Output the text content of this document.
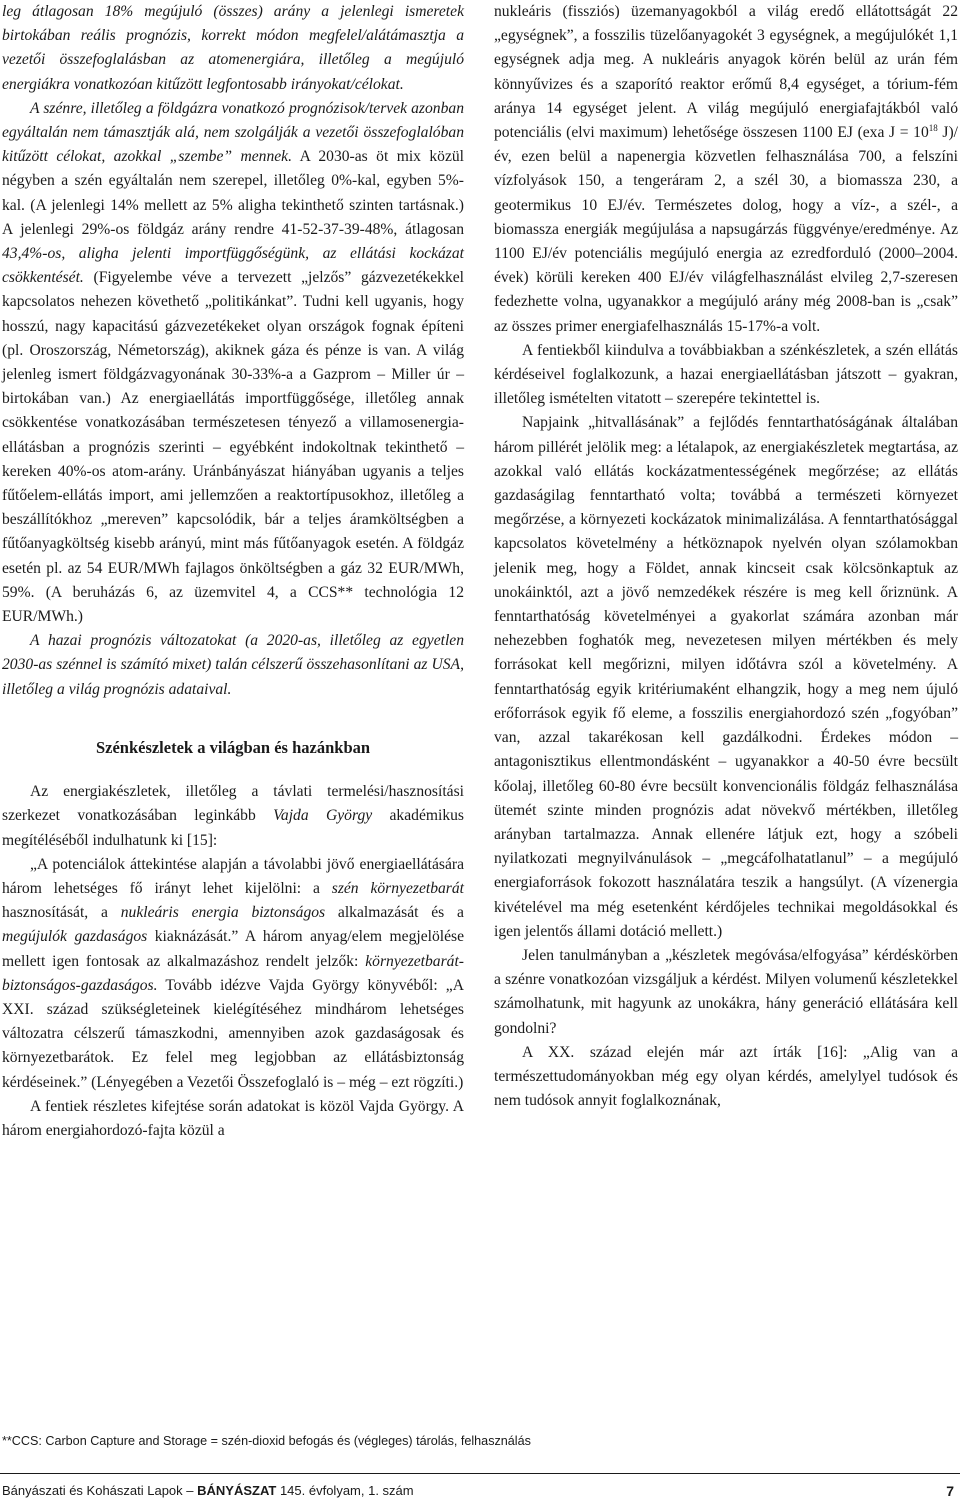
leg átlagosan 18% megújuló (összes) arány a jelenlegi ismeretek birtokában reális prognózis, korrekt módon megfelel/alátámasztja a vezetői összefoglalásban az atomenergiára, illetőleg a megújuló energiákra vonatkozóan kitűzött legfontosabb irányokat/célokat.

A szénre, illetőleg a földgázra vonatkozó prognózisok/tervek azonban egyáltalán nem támasztják alá, nem szolgálják a vezetői összefoglalóban kitűzött célokat, azokkal „szembe” mennek. A 2030-as öt mix közül négyben a szén egyáltalán nem szerepel, illetőleg 0%-kal, egyben 5%-kal. (A jelenlegi 14% mellett az 5% aligha tekinthető szinten tartásnak.) A jelenlegi 29%-os földgáz arány rendre 41-52-37-39-48%, átlagosan 43,4%-os, aligha jelenti importfüggőségünk, az ellátási kockázat csökkentését. (Figyelembe véve a tervezett „jelzős” gázvezetékekkel kapcsolatos nehezen követhető „politikánkat”. Tudni kell ugyanis, hogy hosszú, nagy kapacitású gázvezetékeket olyan országok fognak építeni (pl. Oroszország, Németország), akiknek gáza és pénze is van. A világ jelenleg ismert földgázvagyonának 30-33%-a a Gazprom – Miller úr – birtokában van.) Az energiaellátás importfüggősége, illetőleg annak csökkentése vonatkozásában természetesen tényező a villamosenergia-ellátásban a prognózis szerinti – egyébként indokoltnak tekinthető – kereken 40%-os atom-arány. Uránbányászat hiányában ugyanis a teljes fűtőelem-ellátás import, ami jellemzően a reaktortípusokhoz, illetőleg a beszállítókhoz „mereven” kapcsolódik, bár a teljes áramköltségben a fűtőanyagköltség kisebb arányú, mint más fűtőanyagok esetén. A földgáz esetén pl. az 54 EUR/MWh fajlagos önköltségben a gáz 32 EUR/MWh, 59%. (A beruházás 6, az üzemvitel 4, a CCS** technológia 12 EUR/MWh.)

A hazai prognózis változatokat (a 2020-as, illetőleg az egyetlen 2030-as szénnel is számító mixet) talán célszerű összehasonlítani az USA, illetőleg a világ prognózis adataival.

Szénkészletek a világban és hazánkban

Az energiakészletek, illetőleg a távlati termelési/hasznosítási szerkezet vonatkozásában leginkább Vajda György akadémikus megítéléséből indulhatunk ki [15]:

„A potenciálok áttekintése alapján a távolabbi jövő energiaellátására három lehetséges fő irányt lehet kijelölni: a szén környezetbarát hasznosítását, a nukleáris energia biztonságos alkalmazását és a megújulók gazdaságos kiaknázását.” A három anyag/elem megjelölése mellett igen fontosak az alkalmazáshoz rendelt jelzők: környezetbarát-biztonságos-gazdaságos. Tovább idézve Vajda György könyvéből: „A XXI. század szükségleteinek kielégítéséhez mindhárom lehetséges változatra célszerű támaszkodni, amennyiben azok gazdaságosak és környezetbarátok. Ez felel meg legjobban az ellátásbiztonság kérdéseinek.” (Lényegében a Vezetői Összefoglaló is – még – ezt rögzíti.)

A fentiek részletes kifejtése során adatokat is közöl Vajda György. A három energiahordozó-fajta közül a

nukleáris (fissziós) üzemanyagokból a világ eredő ellátottságát 22 „egységnek”, a fosszilis tüzelőanyagokét 3 egységnek, a megújulókét 1,1 egységnek adja meg. A nukleáris anyagok körén belül az urán fém könnyűvizes és a szaporító reaktor erőmű 8,4 egységet, a tórium-fém aránya 14 egységet jelent. A világ megújuló energiafajtákból való potenciális (elvi maximum) lehetősége összesen 1100 EJ (exa $J = 10^{18}$ J)/év, ezen belül a napenergia közvetlen felhasználása 700, a felszíni vízfolyások 150, a tengeráram 2, a szél 30, a biomassza 230, a geotermikus 10 EJ/év. Természetes dolog, hogy a víz-, a szél-, a biomassza energiák megújulása a napsugárzás függvénye/eredménye. Az 1100 EJ/év potenciális megújuló energia az ezredforduló (2000–2004. évek) körüli kereken 400 EJ/év világfelhasználást elvileg 2,7-szeresen fedezhette volna, ugyanakkor a megújuló arány még 2008-ban is „csak” az összes primer energiafelhasználás 15-17%-a volt.

A fentiekből kiindulva a továbbiakban a szénkészletek, a szén ellátás kérdéseivel foglalkozunk, a hazai energiaellátásban játszott – gyakran, illetőleg ismételten vitatott – szerepére tekintettel is.

Napjaink „hitvallásának” a fejlődés fenntarthatóságának általában három pillérét jelölik meg: a létalapok, az energiakészletek megtartása, az azokkal való ellátás kockázatmentességének megőrzése; az ellátás gazdaságilag fenntartható volta; továbbá a természeti környezet megőrzése, a környezeti kockázatok minimalizálása. A fenntarthatósággal kapcsolatos követelmény a hétköznapok nyelvén olyan szólamokban jelenik meg, hogy a Földet, annak kincseit csak kölcsönkaptuk az unokáinktól, azt a jövő nemzedékek részére is meg kell őriznünk. A fenntarthatóság követelményei a gyakorlat számára azonban már nehezebben foghatók meg, nevezetesen milyen mértékben és mely forrásokat kell megőrizni, milyen időtávra szól a követelmény. A fenntarthatóság egyik kritériumaként elhangzik, hogy a meg nem újuló erőforrások egyik fő eleme, a fosszilis energiahordozó szén „fogyóban” van, azzal takarékosan kell gazdálkodni. Érdekes módon – antagonisztikus ellentmondásként – ugyanakkor a 40-50 évre becsült kőolaj, illetőleg 60-80 évre becsült konvencionális földgáz felhasználása ütemét szinte minden prognózis adat növekvő mértékben, illetőleg arányban tartalmazza. Annak ellenére látjuk ezt, hogy a szóbeli nyilatkozati megnyilvánulások – „megcáfolhatatlanul” – a megújuló energiaforrások fokozott használatára teszik a hangsúlyt. (A vízenergia kivételével ma még esetenként kérdőjeles technikai megoldásokkal és igen jelentős állami dotáció mellett.)

Jelen tanulmányban a „készletek megóvása/elfogyása” kérdéskörben a szénre vonatkozóan vizsgáljuk a kérdést. Milyen volumenű készletekkel számolhatunk, mit hagyunk az unokákra, hány generáció ellátására kell gondolni?

A XX. század elején már azt írták [16]: „Alig van a természettudományokban még egy olyan kérdés, amelylyel tudósok és nem tudósok annyit foglalkoznának,

**CCS: Carbon Capture and Storage = szén-dioxid befogás és (végleges) tárolás, felhasználás
Bányászati és Kohászati Lapok – BÁNYÁSZAT 145. évfolyam, 1. szám	7
